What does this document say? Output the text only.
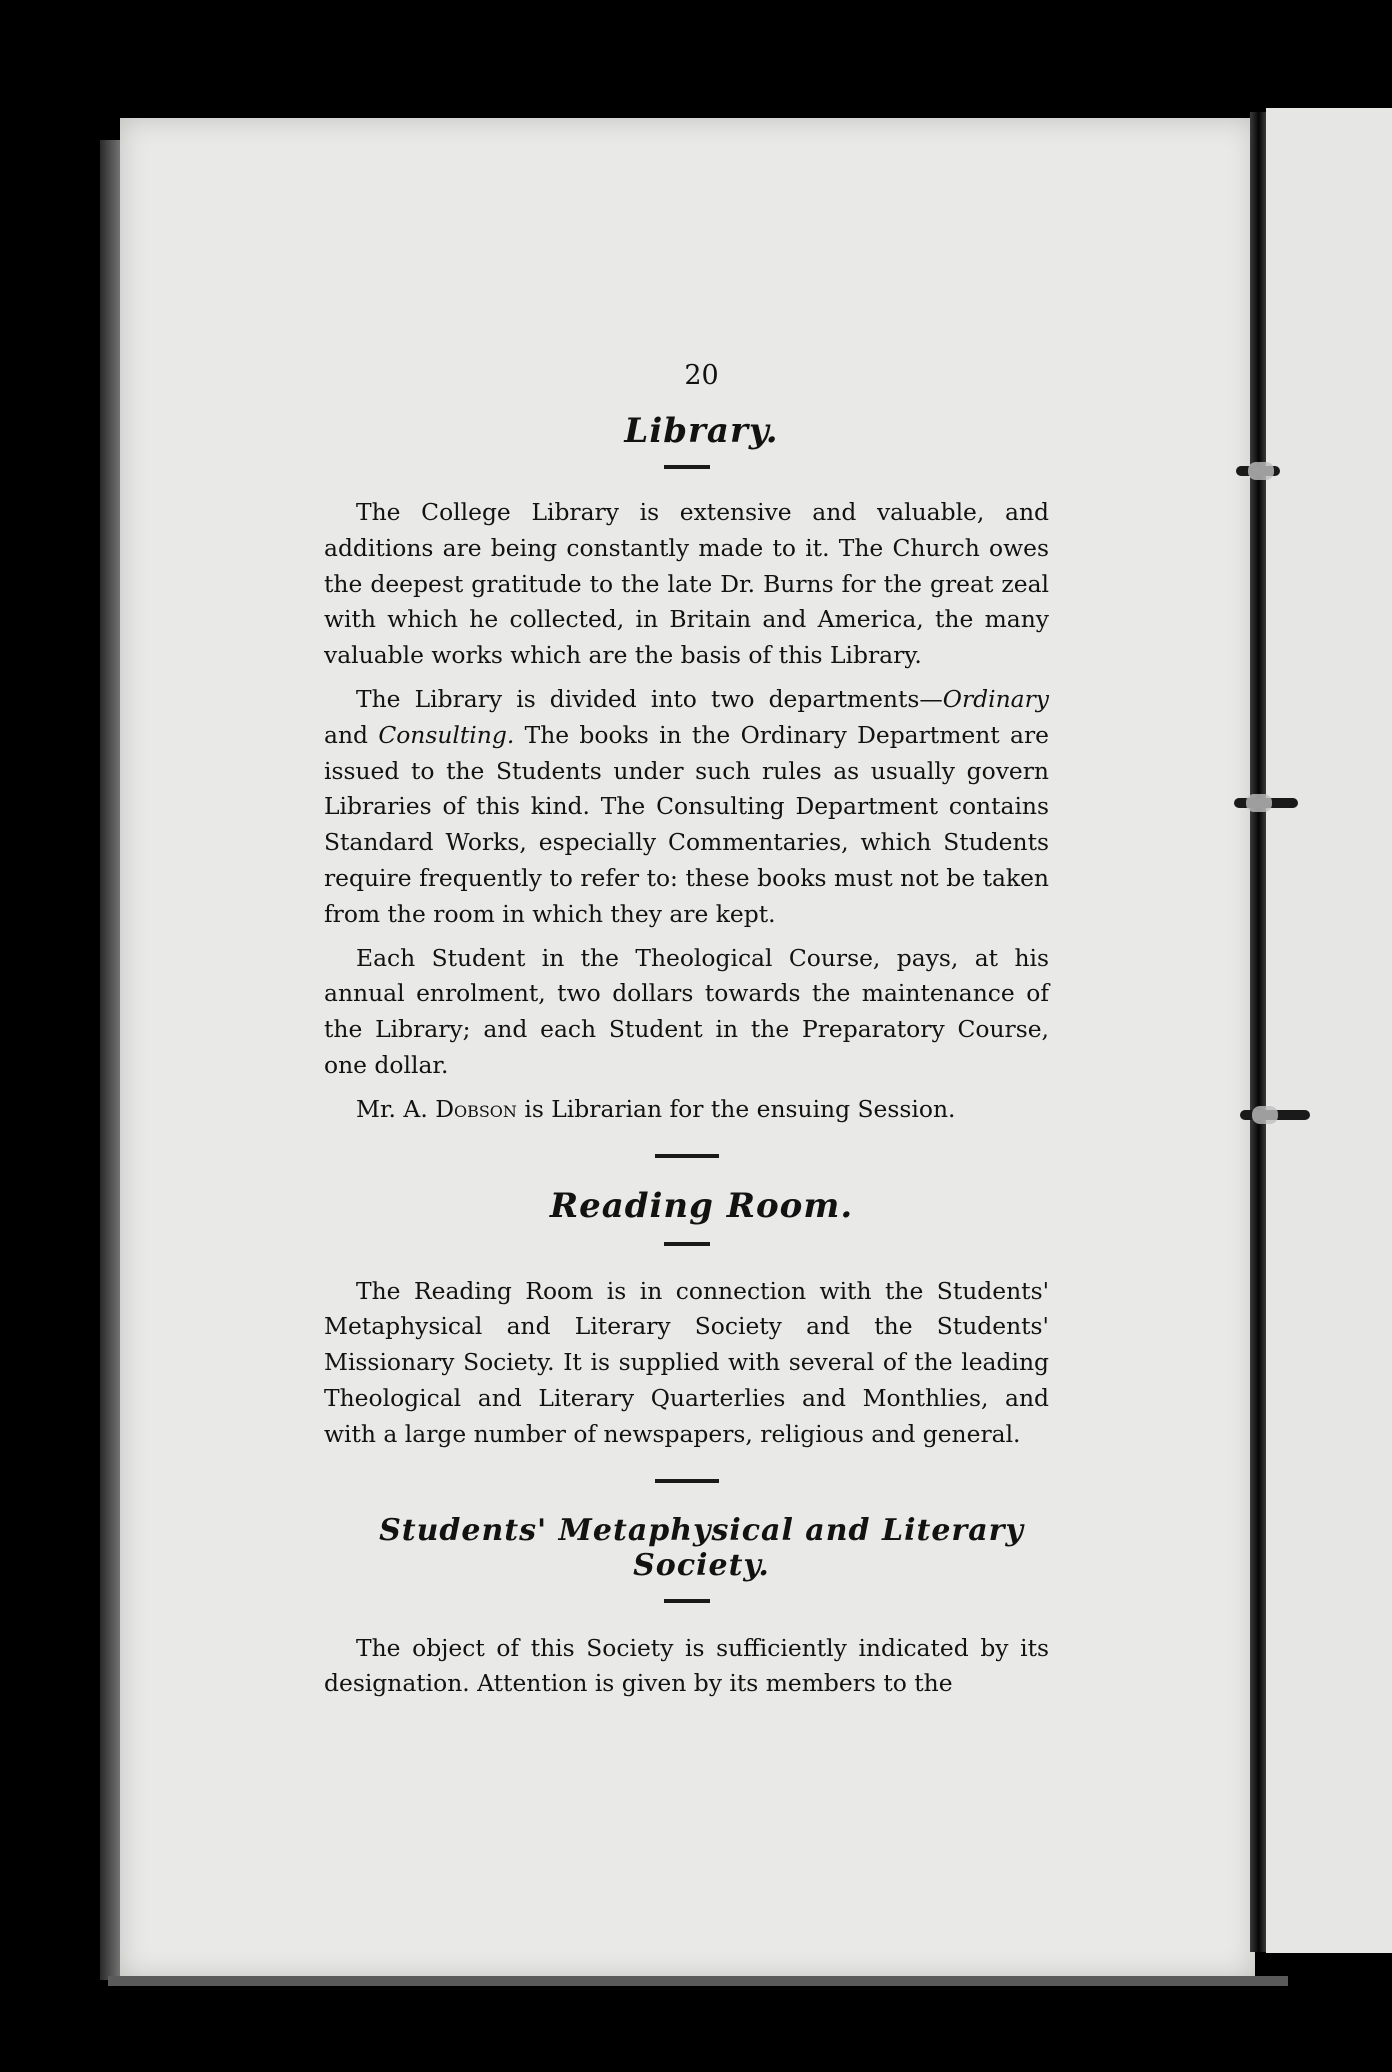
20
Library.

The College Library is extensive and valuable, and additions are being constantly made to it. The Church owes the deepest gratitude to the late Dr. Burns for the great zeal with which he collected, in Britain and America, the many valuable works which are the basis of this Library.

The Library is divided into two departments—Ordinary and Consulting. The books in the Ordinary Department are issued to the Students under such rules as usually govern Libraries of this kind. The Consulting Department contains Standard Works, especially Commentaries, which Students require frequently to refer to: these books must not be taken from the room in which they are kept.

Each Student in the Theological Course, pays, at his annual enrolment, two dollars towards the maintenance of the Library; and each Student in the Preparatory Course, one dollar.

Mr. A. Dobson is Librarian for the ensuing Session.

Reading Room.

The Reading Room is in connection with the Students' Metaphysical and Literary Society and the Students' Missionary Society. It is supplied with several of the leading Theological and Literary Quarterlies and Monthlies, and with a large number of newspapers, religious and general.

Students' Metaphysical and Literary Society.

The object of this Society is sufficiently indicated by its designation. Attention is given by its members to the
